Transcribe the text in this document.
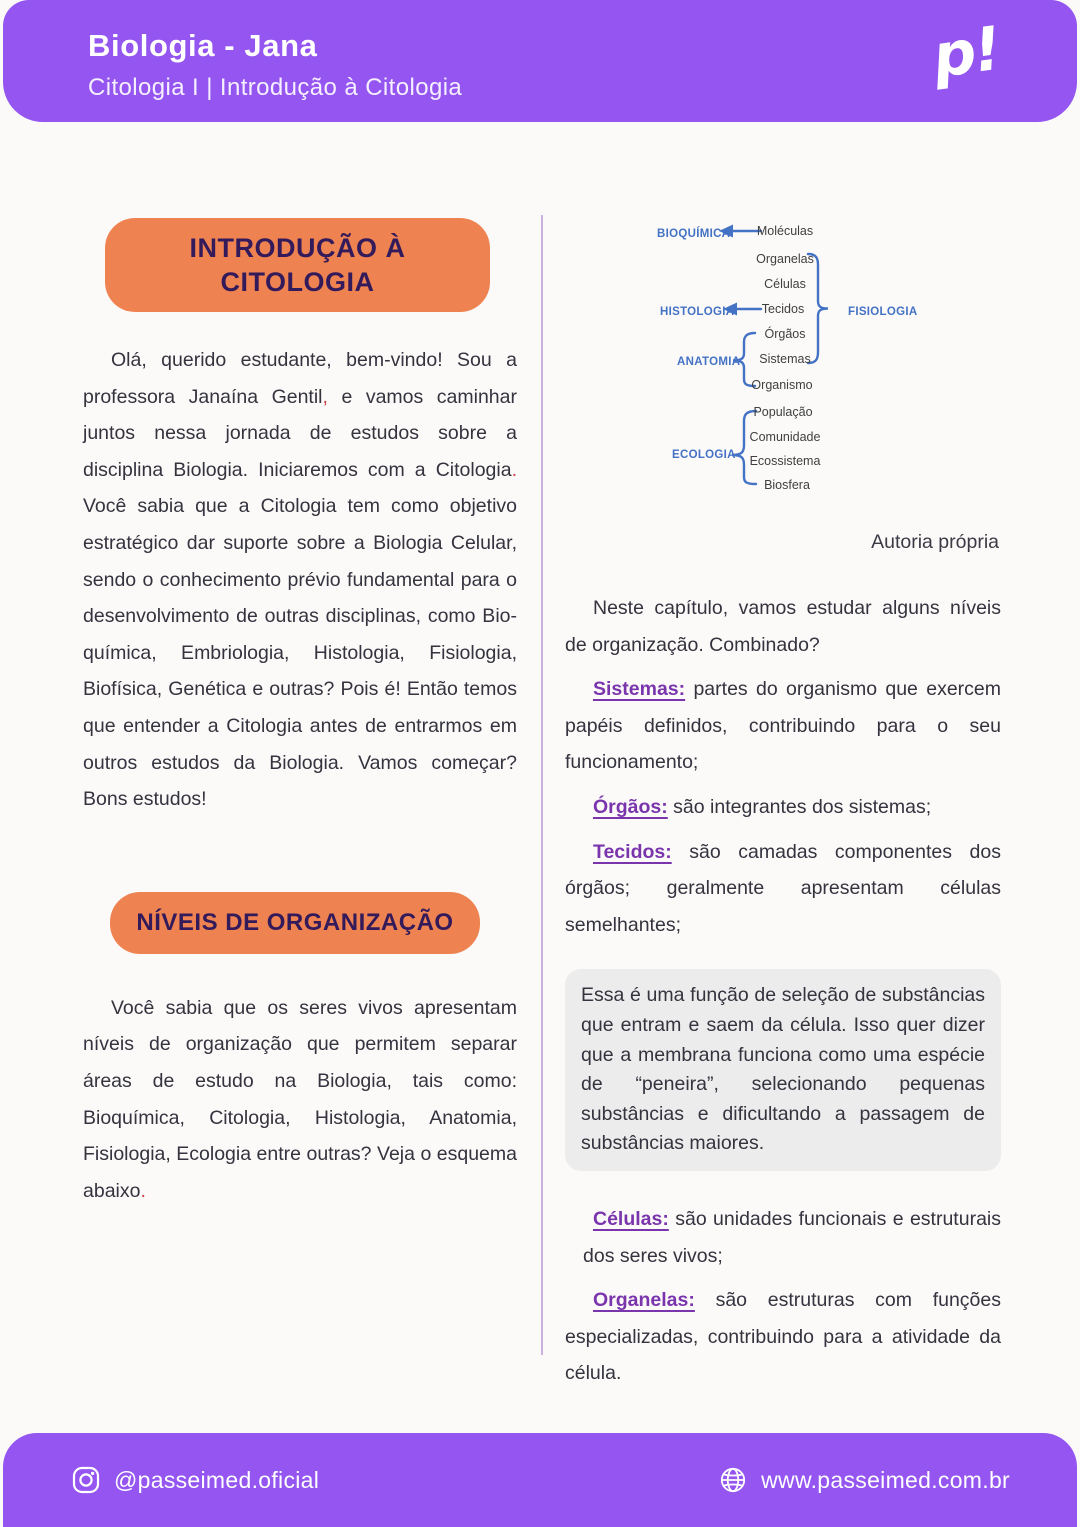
Biologia - Jana
Citologia I | Introdução à Citologia	p!
INTRODUÇÃO À CITOLOGIA

Olá, querido estudante, bem-vindo! Sou a professora Janaína Gentil, e vamos caminhar juntos nessa jornada de estudos sobre a disciplina Biologia. Iniciaremos com a Citologia. Você sabia que a Citologia tem como objetivo estratégico dar suporte sobre a Biologia Celular, sendo o conhecimento prévio fundamental para o desenvolvimento de outras disciplinas, como Bioquímica, Embriologia, Histologia, Fisiologia, Biofísica, Genética e outras? Pois é! Então temos que entender a Citologia antes de entrarmos em outros estudos da Biologia. Vamos começar? Bons estudos!

NÍVEIS DE ORGANIZAÇÃO

Você sabia que os seres vivos apresentam níveis de organização que permitem separar áreas de estudo na Biologia, tais como: Bioquímica, Citologia, Histologia, Anatomia, Fisiologia, Ecologia entre outras? Veja o esquema abaixo.

BIOQUÍMICA
HISTOLOGIA
ANATOMIA
ECOLOGIA
FISIOLOGIA
Moléculas
Organelas
Células
Tecidos
Órgãos
Sistemas
Organismo
População
Comunidade
Ecossistema
Biosfera
Autoria própria

Neste capítulo, vamos estudar alguns níveis de organização. Combinado?

Sistemas: partes do organismo que exercem papéis definidos, contribuindo para o seu funcionamento;

Órgãos: são integrantes dos sistemas;

Tecidos: são camadas componentes dos órgãos; geralmente apresentam células semelhantes;

Essa é uma função de seleção de substâncias que entram e saem da célula. Isso quer dizer que a membrana funciona como uma espécie de “peneira”, selecionando pequenas substâncias e dificultando a passagem de substâncias maiores.

Células: são unidades funcionais e estruturais dos seres vivos;

Organelas: são estruturas com funções especializadas, contribuindo para a atividade da célula.

@passeimed.oficial	www.passeimed.com.br
